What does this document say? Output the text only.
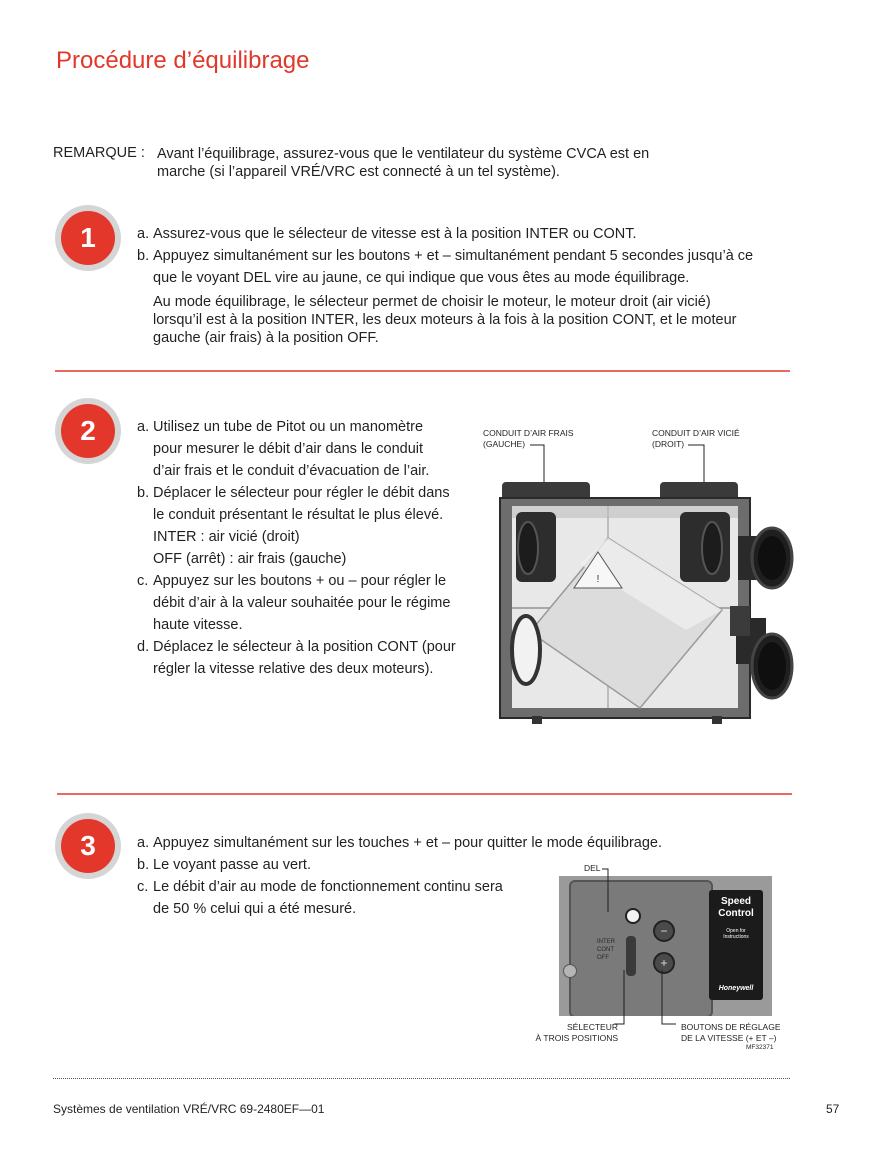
Procédure d’équilibrage
REMARQUE : Avant l’équilibrage, assurez-vous que le ventilateur du système CVCA est en
marche (si l’appareil VRÉ/VRC est connecté à un tel système).
1	a. Assurez-vous que le sélecteur de vitesse est à la position INTER ou CONT.
b. Appuyez simultanément sur les boutons + et – simultanément pendant 5 secondes jusqu’à ce
que le voyant DEL vire au jaune, ce qui indique que vous êtes au mode équilibrage.
Au mode équilibrage, le sélecteur permet de choisir le moteur, le moteur droit (air vicié)
lorsqu’il est à la position INTER, les deux moteurs à la fois à la position CONT, et le moteur
gauche (air frais) à la position OFF.
2	a. Utilisez un tube de Pitot ou un manomètre
pour mesurer le débit d’air dans le conduit
d’air frais et le conduit d’évacuation de l’air.
b. Déplacer le sélecteur pour régler le débit dans
le conduit présentant le résultat le plus élevé.
INTER : air vicié (droit)
OFF (arrêt) : air frais (gauche)
c. Appuyez sur les boutons + ou – pour régler le
débit d’air à la valeur souhaitée pour le régime
haute vitesse.
d. Déplacez le sélecteur à la position CONT (pour
régler la vitesse relative des deux moteurs).
CONDUIT D’AIR FRAIS
(GAUCHE)
CONDUIT D’AIR VICIÉ
(DROIT)
!
3	a. Appuyez simultanément sur les touches + et – pour quitter le mode équilibrage.
b. Le voyant passe au vert.
c. Le débit d’air au mode de fonctionnement continu sera
de 50 % celui qui a été mesuré.
DEL
INTER
CONT
OFF
−
+
Speed
Control
Open for
Instructions
Honeywell
SÉLECTEUR
À TROIS POSITIONS
BOUTONS DE RÉGLAGE
DE LA VITESSE (+ ET –)
MF32371
Systèmes de ventilation VRÉ/VRC 69-2480EF—01	57
